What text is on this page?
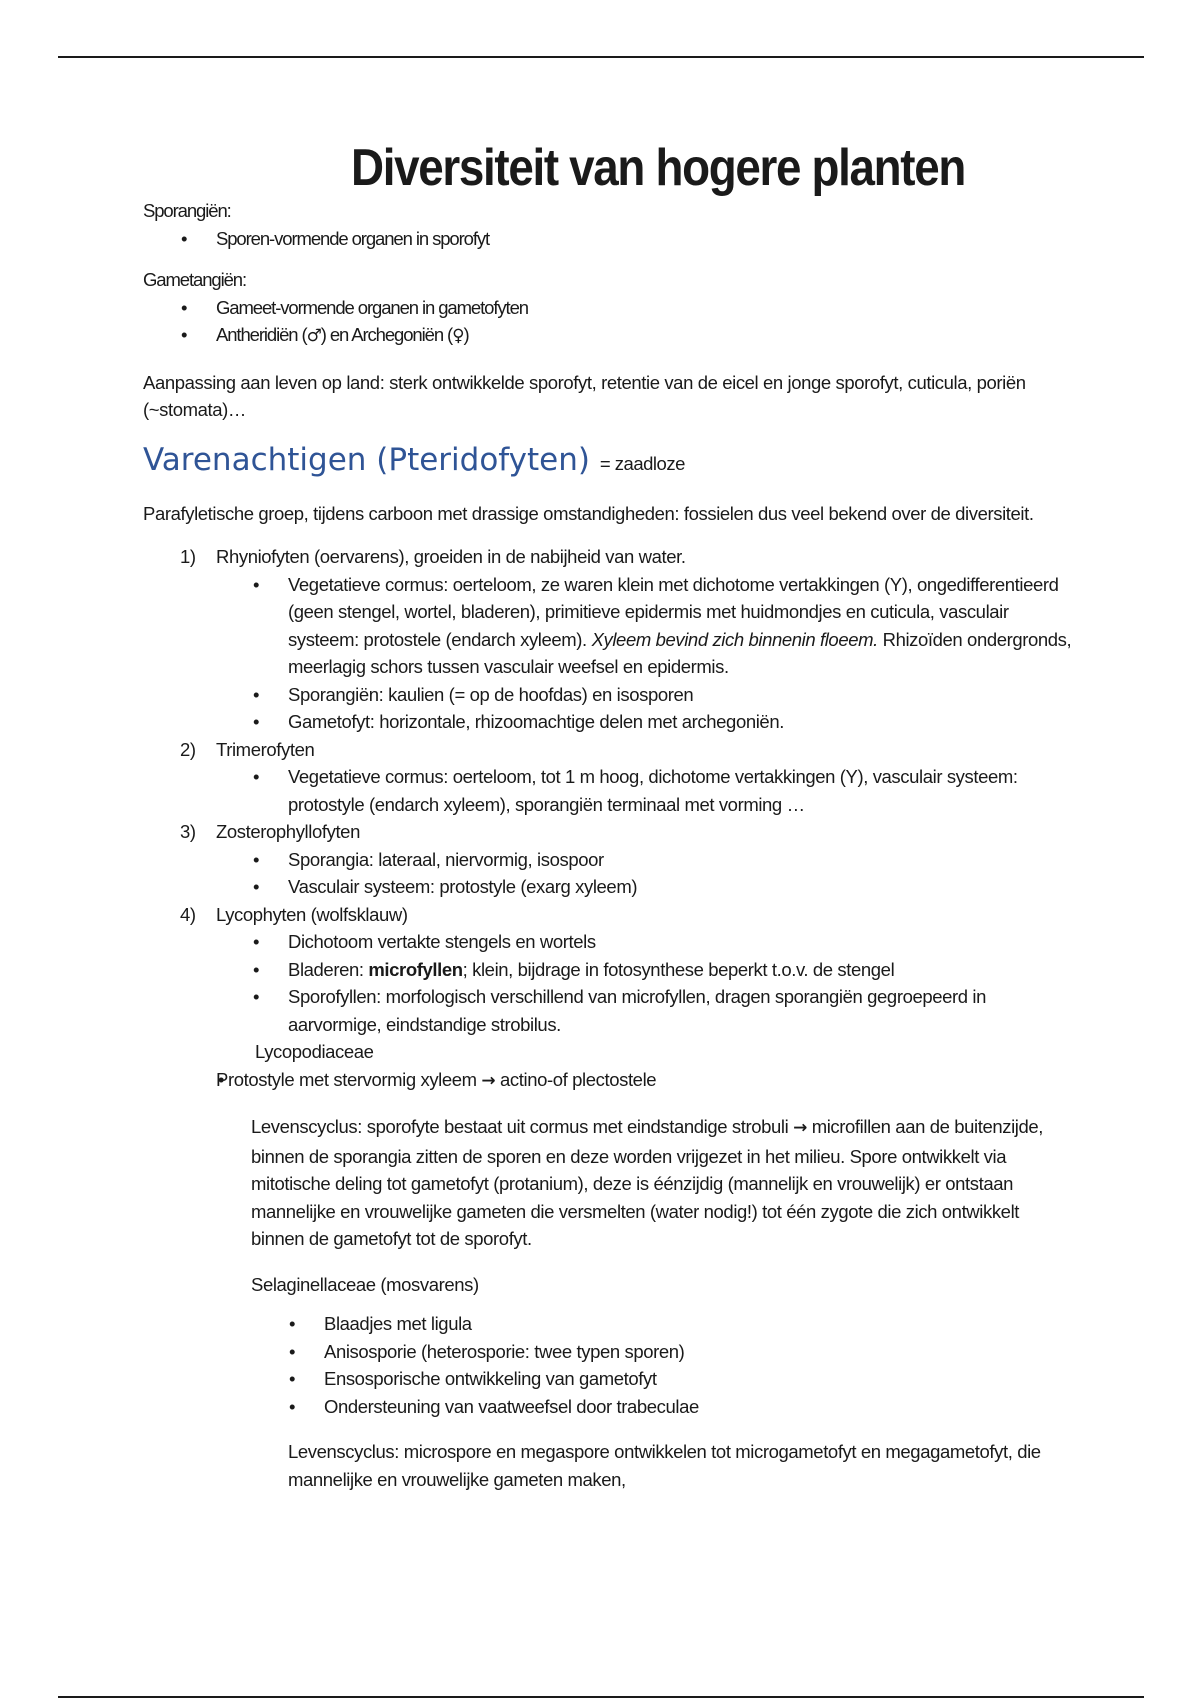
Diversiteit van hogere planten

Sporangiën:

• Sporen-vormende organen in sporofyt

Gametangiën:

• Gameet-vormende organen in gametofyten
• Antheridiën (♂) en Archegoniën (♀)

Aanpassing aan leven op land: sterk ontwikkelde sporofyt, retentie van de eicel en jonge sporofyt, cuticula, poriën (~stomata)…

Varenachtigen (Pteridofyten) = zaadloze

Parafyletische groep, tijdens carboon met drassige omstandigheden: fossielen dus veel bekend over de diversiteit.

1) Rhyniofyten (oervarens), groeiden in de nabijheid van water.
• Vegetatieve cormus: oerteloom, ze waren klein met dichotome vertakkingen (Y), ongedifferentieerd (geen stengel, wortel, bladeren), primitieve epidermis met huidmondjes en cuticula, vasculair systeem: protostele (endarch xyleem). Xyleem bevind zich binnenin floeem. Rhizoïden ondergronds, meerlagig schors tussen vasculair weefsel en epidermis.
• Sporangiën: kaulien (= op de hoofdas) en isosporen
• Gametofyt: horizontale, rhizoomachtige delen met archegoniën.
2) Trimerofyten
• Vegetatieve cormus: oerteloom, tot 1 m hoog, dichotome vertakkingen (Y), vasculair systeem: protostyle (endarch xyleem), sporangiën terminaal met vorming …
3) Zosterophyllofyten
• Sporangia: lateraal, niervormig, isospoor
• Vasculair systeem: protostyle (exarg xyleem)
4) Lycophyten (wolfsklauw)
• Dichotoom vertakte stengels en wortels
• Bladeren: microfyllen; klein, bijdrage in fotosynthese beperkt t.o.v. de stengel
• Sporofyllen: morfologisch verschillend van microfyllen, dragen sporangiën gegroepeerd in aarvormige, eindstandige strobilus.

Lycopodiaceae

• Protostyle met stervormig xyleem → actino-of plectostele

Levenscyclus: sporofyte bestaat uit cormus met eindstandige strobuli → microfillen aan de buitenzijde, binnen de sporangia zitten de sporen en deze worden vrijgezet in het milieu. Spore ontwikkelt via mitotische deling tot gametofyt (protanium), deze is éénzijdig (mannelijk en vrouwelijk) er ontstaan mannelijke en vrouwelijke gameten die versmelten (water nodig!) tot één zygote die zich ontwikkelt binnen de gametofyt tot de sporofyt.

Selaginellaceae (mosvarens)

• Blaadjes met ligula
• Anisosporie (heterosporie: twee typen sporen)
• Ensosporische ontwikkeling van gametofyt
• Ondersteuning van vaatweefsel door trabeculae

Levenscyclus: microspore en megaspore ontwikkelen tot microgametofyt en megagametofyt, die mannelijke en vrouwelijke gameten maken,
